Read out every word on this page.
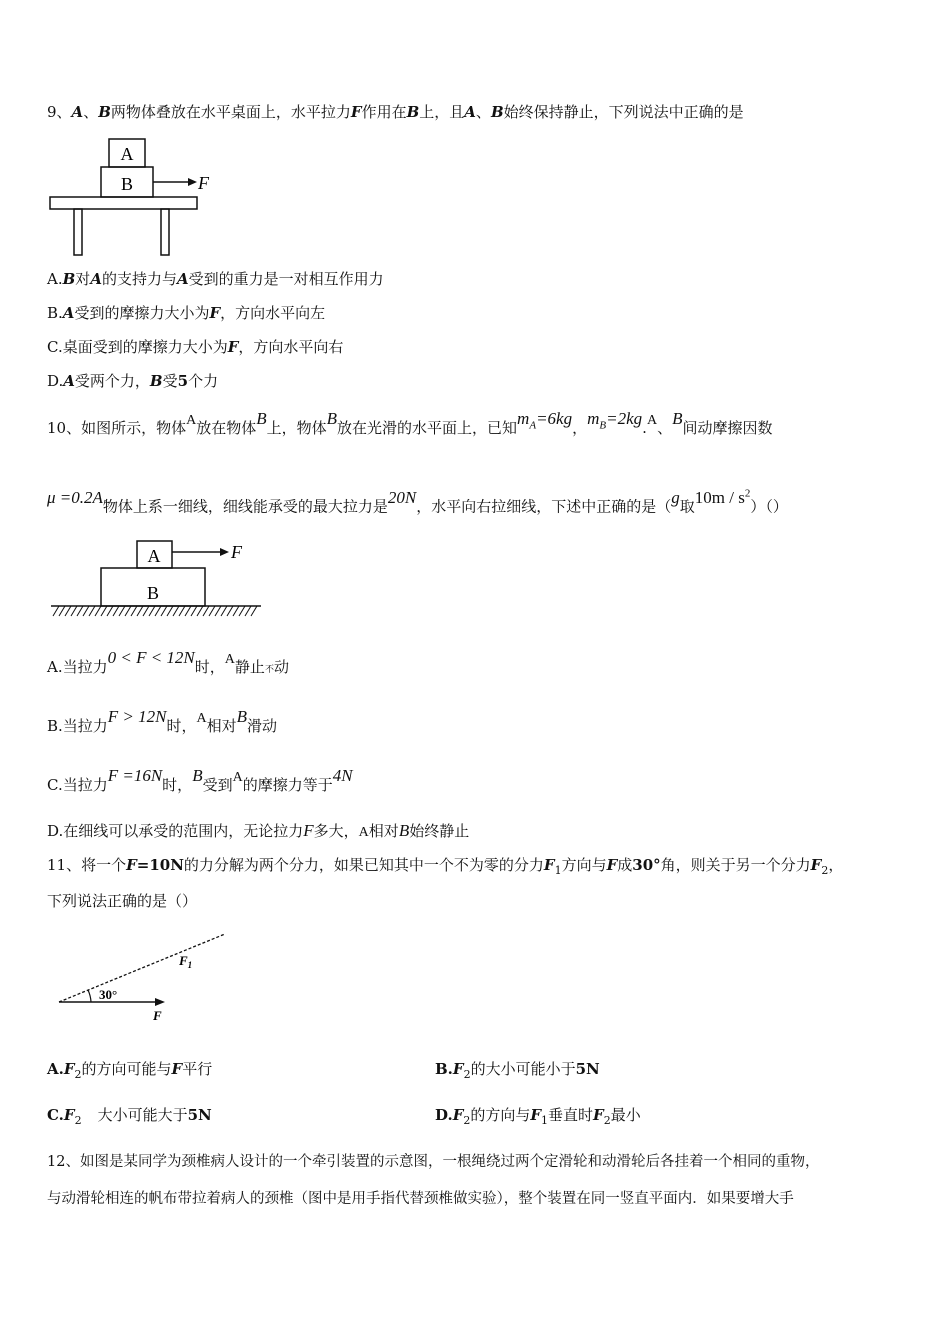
9、A、B两物体叠放在水平桌面上，水平拉力F作用在B上，且A、B始终保持静止，下列说法中正确的是
A
B	F
A.B对A的支持力与A受到的重力是一对相互作用力
B.A受到的摩擦力大小为F，方向水平向左
C.桌面受到的摩擦力大小为F，方向水平向右
D.A受两个力，B受5个力
10、如图所示，物体A放在物体B上，物体B放在光滑的水平面上，已知$m_A=6kg$，$m_B=2kg.A$、B间动摩擦因数
μ =0.2A物体上系一细线，细线能承受的最大拉力是20N，水平向右拉细线，下述中正确的是（g取$10m / s^2)()$
A	F
B
A.当拉力0 < F < 12N时，A静止不动
B.当拉力F > 12N时，A相对B滑动
C.当拉力F =16N时，B受到A的摩擦力等于4N
D.在细线可以承受的范围内，无论拉力F多大，A相对B始终静止
11、将一个F=10N的力分解为两个分力，如果已知其中一个不为零的分力$F_1$方向与F成30°角，则关于另一个分力$F_2$，
下列说法正确的是（）
30°
$F_1$
F
$A.F_2$的方向可能与F平行	$B.F_2$的大小可能小于5N
$C.F_2$ 大小可能大于5N	$D.F_2$的方向与$F_1$垂直时$F_2$最小
12、如图是某同学为颈椎病人设计的一个牵引装置的示意图，一根绳绕过两个定滑轮和动滑轮后各挂着一个相同的重物，
与动滑轮相连的帆布带拉着病人的颈椎（图中是用手指代替颈椎做实验），整个装置在同一竖直平面内．如果要增大手
